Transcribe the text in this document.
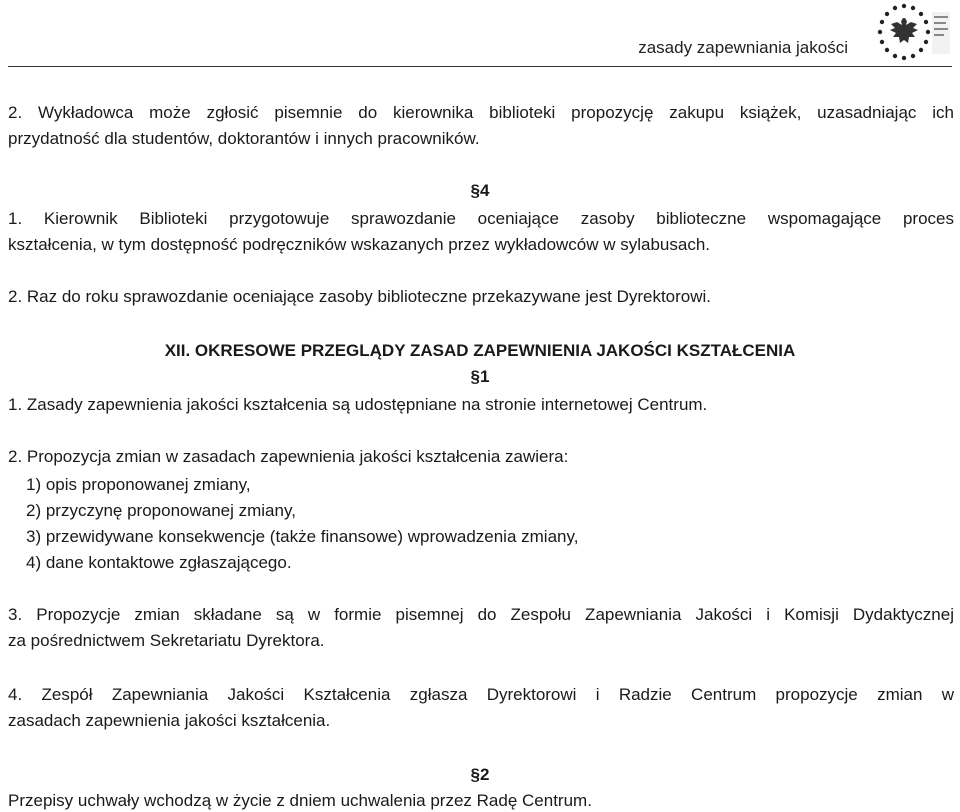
zasady zapewniania jakości
2. Wykładowca może zgłosić pisemnie do kierownika biblioteki propozycję zakupu książek, uzasadniając ich
przydatność dla studentów, doktorantów i innych pracowników.
§4
1. Kierownik Biblioteki przygotowuje sprawozdanie oceniające zasoby biblioteczne wspomagające proces
kształcenia, w tym dostępność podręczników wskazanych przez wykładowców w sylabusach.
2. Raz do roku sprawozdanie oceniające zasoby biblioteczne przekazywane jest Dyrektorowi.
XII. OKRESOWE PRZEGLĄDY ZASAD ZAPEWNIENIA JAKOŚCI KSZTAŁCENIA
§1
1. Zasady zapewnienia jakości kształcenia są udostępniane na stronie internetowej Centrum.
2. Propozycja zmian w zasadach zapewnienia jakości kształcenia zawiera:
1) opis proponowanej zmiany,
2) przyczynę proponowanej zmiany,
3) przewidywane konsekwencje (także finansowe) wprowadzenia zmiany,
4) dane kontaktowe zgłaszającego.
3. Propozycje zmian składane są w formie pisemnej do Zespołu Zapewniania Jakości i Komisji Dydaktycznej
za pośrednictwem Sekretariatu Dyrektora.
4. Zespół Zapewniania Jakości Kształcenia zgłasza Dyrektorowi i Radzie Centrum propozycje zmian w
zasadach zapewnienia jakości kształcenia.
§2
Przepisy uchwały wchodzą w życie z dniem uchwalenia przez Radę Centrum.
